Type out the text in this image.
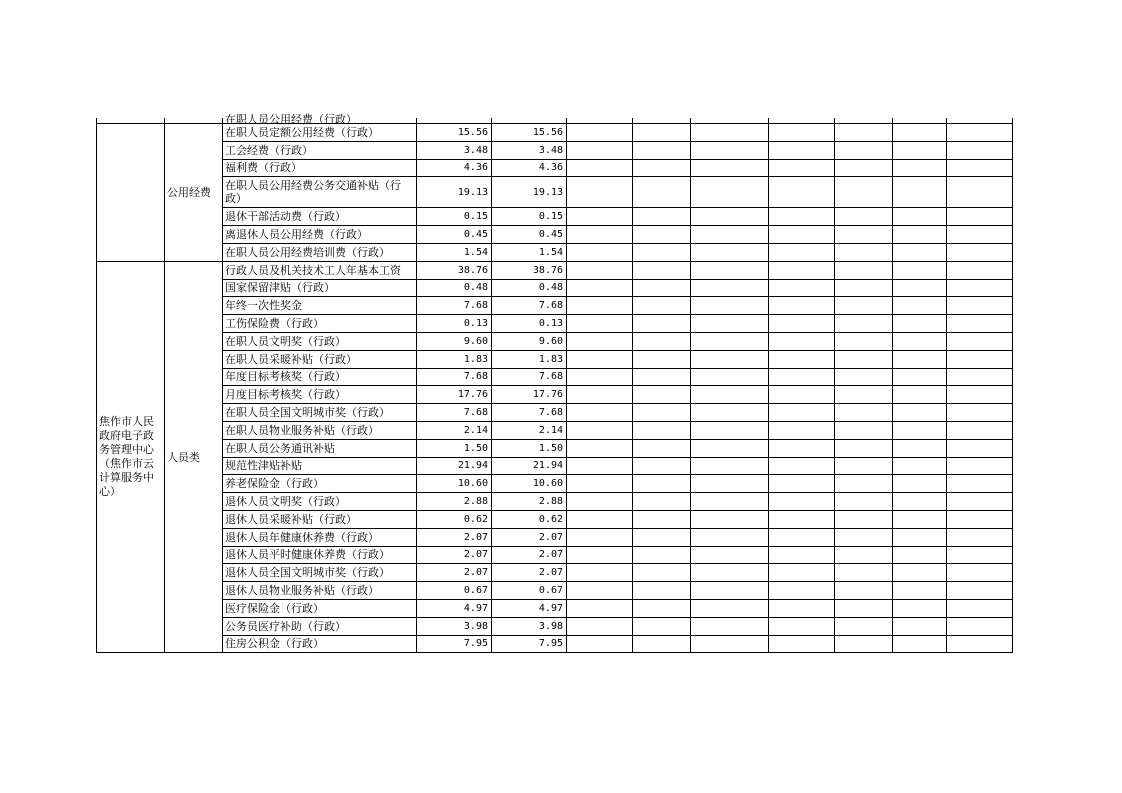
		在职人员公用经费（行政）									

	公用经费	在职人员定额公用经费（行政）	15.56	15.56							
		工会经费（行政）	3.48	3.48							
		福利费（行政）	4.36	4.36							
		在职人员公用经费公务交通补贴（行政）	19.13	19.13							
		退休干部活动费（行政）	0.15	0.15							
		离退休人员公用经费（行政）	0.45	0.45							
		在职人员公用经费培训费（行政）	1.54	1.54							
焦作市人民政府电子政务管理中心（焦作市云计算服务中心）	人员类	行政人员及机关技术工人年基本工资	38.76	38.76							
		国家保留津贴（行政）	0.48	0.48							
		年终一次性奖金	7.68	7.68							
		工伤保险费（行政）	0.13	0.13							
		在职人员文明奖（行政）	9.60	9.60							
		在职人员采暖补贴（行政）	1.83	1.83							
		年度目标考核奖（行政）	7.68	7.68							
		月度目标考核奖（行政）	17.76	17.76							
		在职人员全国文明城市奖（行政）	7.68	7.68							
		在职人员物业服务补贴（行政）	2.14	2.14							
		在职人员公务通讯补贴	1.50	1.50							
		规范性津贴补贴	21.94	21.94							
		养老保险金（行政）	10.60	10.60							
		退休人员文明奖（行政）	2.88	2.88							
		退休人员采暖补贴（行政）	0.62	0.62							
		退休人员年健康休养费（行政）	2.07	2.07							
		退休人员平时健康休养费（行政）	2.07	2.07							
		退休人员全国文明城市奖（行政）	2.07	2.07							
		退休人员物业服务补贴（行政）	0.67	0.67							
		医疗保险金（行政）	4.97	4.97							
		公务员医疗补助（行政）	3.98	3.98							
		住房公积金（行政）	7.95	7.95							
